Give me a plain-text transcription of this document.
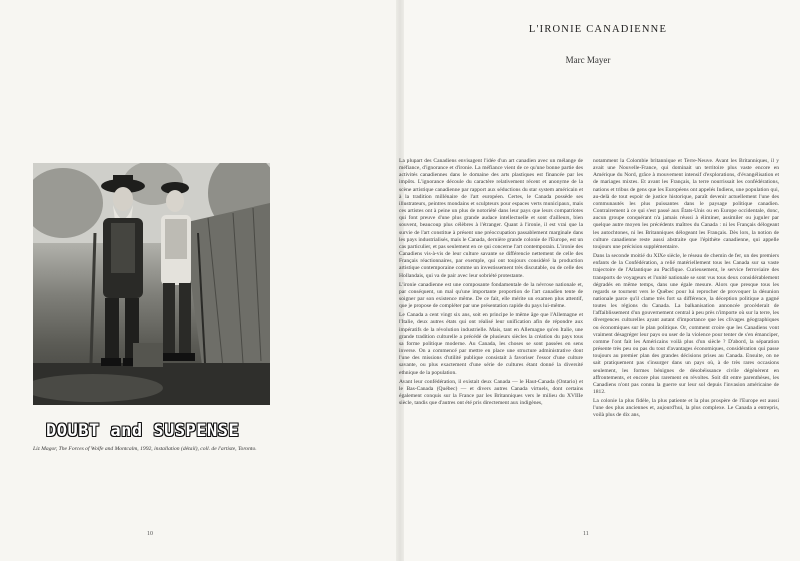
L'IRONIE CANADIENNE
Marc Mayer
DOUBT and SUSPENSE
Liz Magor, The Forces of Wolfe and Montcalm, 1992, installation (détail), coll. de l'artiste, Toronto.
10	11

La plupart des Canadiens envisagent l'idée d'un art canadien avec un mélange de méfiance, d'ignorance et d'ironie. La méfiance vient de ce qu'une bonne partie des activités canadiennes dans le domaine des arts plastiques est financée par les impôts. L'ignorance découle du caractère relativement récent et anonyme de la scène artistique canadienne par rapport aux séductions du star system américain et à la tradition millénaire de l'art européen. Certes, le Canada possède ses illustrateurs, peintres mondains et sculpteurs pour espaces verts municipaux, mais ces artistes ont à peine un plus de notoriété dans leur pays que leurs compatriotes qui font preuve d'une plus grande audace intellectuelle et sont d'ailleurs, bien souvent, beaucoup plus célèbres à l'étranger. Quant à l'ironie, il est vrai que la survie de l'art constitue à présent une préoccupation passablement marginale dans les pays industrialisés, mais le Canada, dernière grande colonie de l'Europe, est un cas particulier, et pas seulement en ce qui concerne l'art contemporain. L'ironie des Canadiens vis-à-vis de leur culture savante se différencie nettement de celle des Français réactionnaires, par exemple, qui ont toujours considéré la production artistique contemporaine comme un investissement très discutable, ou de celle des Hollandais, qui va de pair avec leur sobriété protestante.

L'ironie canadienne est une composante fondamentale de la névrose nationale et, par conséquent, un mal qu'une importante proportion de l'art canadien tente de soigner par son existence même. De ce fait, elle mérite un examen plus attentif, que je propose de compléter par une présentation rapide du pays lui-même.

Le Canada a cent vingt six ans, soit en principe le même âge que l'Allemagne et l'Italie, deux autres états qui ont réalisé leur unification afin de répondre aux impératifs de la révolution industrielle. Mais, tant en Allemagne qu'en Italie, une grande tradition culturelle a précédé de plusieurs siècles la création du pays tous sa forme politique moderne. Au Canada, les choses se sont passées en sens inverse. On a commencé par mettre en place une structure administrative dont l'une des missions d'utilité publique consistait à favoriser l'essor d'une culture savante, ou plus exactement d'une série de cultures étant donné la diversité ethnique de la population.

Avant leur confédération, il existait deux Canada — le Haut-Canada (Ontario) et le Bas-Canada (Québec) — et divers autres Canada virtuels, dont certains également conquis sur la France par les Britanniques vers le milieu du XVIIIe siècle, tandis que d'autres ont été pris directement aux indigènes,

notamment la Colombie britannique et Terre-Neuve. Avant les Britanniques, il y avait une Nouvelle-France, qui dominait un territoire plus vaste encore en Amérique du Nord, grâce à mouvement intensif d'explorations, d'évangélisation et de mariages mixtes. Et avant les Français, la terre nourrissait les confédérations, nations et tribus de gens que les Européens ont appelés Indiens, une population qui, au-delà de tout espoir de justice historique, paraît devenir actuellement l'une des communautés les plus puissantes dans le paysage politique canadien. Contrairement à ce qui s'est passé aux États-Unis ou en Europe occidentale, donc, aucun groupe conquérant n'a jamais réussi à éliminer, assimiler ou juguler par quelque autre moyen les précédents maîtres du Canada : ni les Français délogeant les autochtones, ni les Britanniques délogeant les Français. Dès lors, la notion de culture canadienne reste aussi abstraite que l'épithète canadienne, qui appelle toujours une précision supplémentaire.

Dans la seconde moitié du XIXe siècle, le réseau de chemin de fer, un des premiers enfants de la Confédération, a relié matériellement tous les Canada sur sa vaste trajectoire de l'Atlantique au Pacifique. Curieusement, le service ferroviaire des transports de voyageurs et l'unité nationale se sont vus tous deux considérablement dégradés en même temps, dans une égale mesure. Alors que presque tous les regards se tournent vers le Québec pour lui reprocher de provoquer la désunion nationale parce qu'il clame très fort sa différence, la déception politique a gagné toutes les régions du Canada. La balkanisation annoncée procèderait de l'affaiblissement d'un gouvernement central à peu près n'importe où sur la terre, les divergences culturelles ayant autant d'importance que les clivages géographiques ou économiques sur le plan politique. Or, comment croire que les Canadiens vont vraiment désagréger leur pays ou user de la violence pour tenter de s'en émanciper, comme l'ont fait les Américains voilà plus d'un siècle ? D'abord, la séparation présente très peu ou pas du tout d'avantages économiques, considération qui passe toujours au premier plan des grandes décisions prises au Canada. Ensuite, on ne sait pratiquement pas s'insurger dans un pays où, à de très rares occasions seulement, les formes bénignes de désobéissance civile dégénèrent en affrontements, et encore plus rarement en révoltes. Soit dit entre parenthèses, les Canadiens n'ont pas connu la guerre sur leur sol depuis l'invasion américaine de 1812.

La colonie la plus fidèle, la plus patiente et la plus prospère de l'Europe est aussi l'une des plus anciennes et, aujourd'hui, la plus complexe. Le Canada a entrepris, voilà plus de dix ans,
